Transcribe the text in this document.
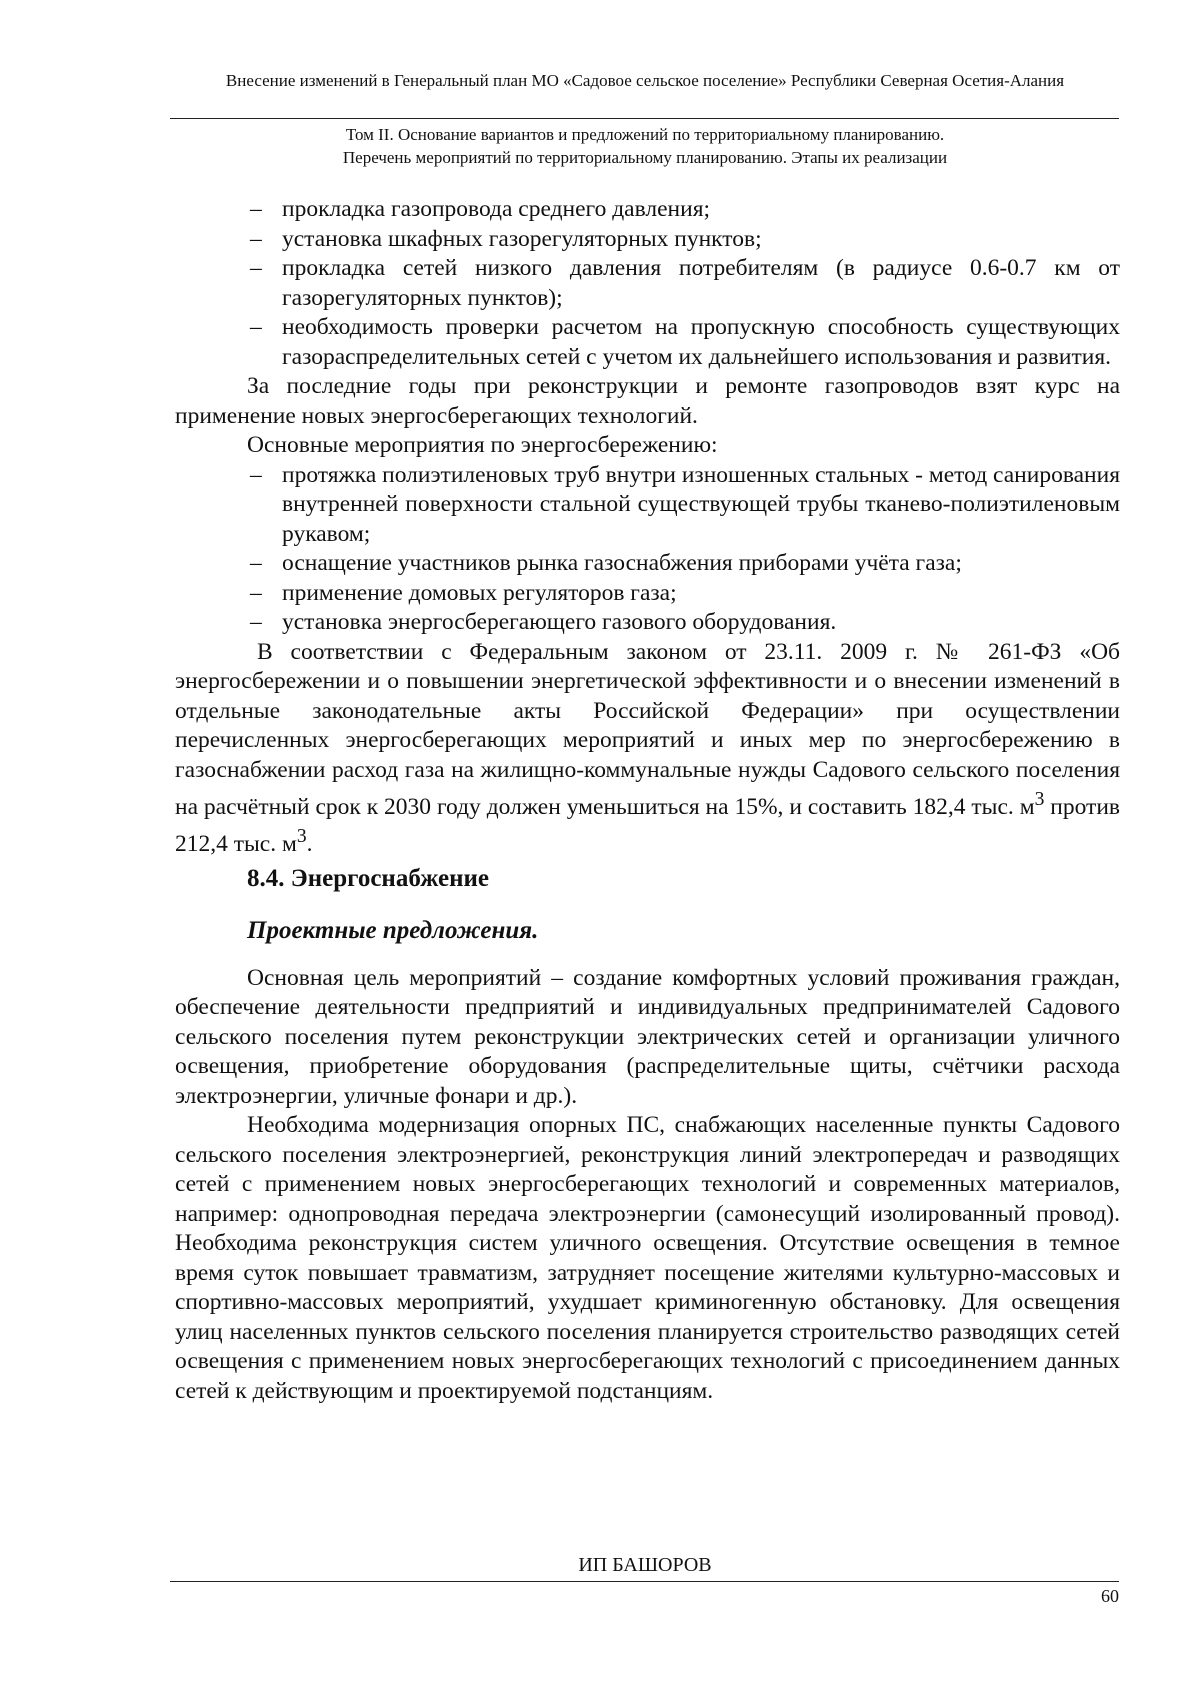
Внесение изменений в Генеральный план МО «Садовое сельское поселение» Республики Северная Осетия-Алания
Том II. Основание вариантов и предложений по территориальному планированию.
Перечень мероприятий по территориальному планированию. Этапы их реализации

– прокладка газопровода среднего давления;

– установка шкафных газорегуляторных пунктов;

– прокладка сетей низкого давления потребителям (в радиусе 0.6-0.7 км от газорегуляторных пунктов);

– необходимость проверки расчетом на пропускную способность существующих газораспределительных сетей с учетом их дальнейшего использования и развития.

За последние годы при реконструкции и ремонте газопроводов взят курс на применение новых энергосберегающих технологий.

Основные мероприятия по энергосбережению:

– протяжка полиэтиленовых труб внутри изношенных стальных - метод санирования внутренней поверхности стальной существующей трубы тканево-полиэтиленовым рукавом;

– оснащение участников рынка газоснабжения приборами учёта газа;

– применение домовых регуляторов газа;

– установка энергосберегающего газового оборудования.

В соответствии с Федеральным законом от 23.11. 2009 г. № 261-ФЗ «Об энергосбережении и о повышении энергетической эффективности и о внесении изменений в отдельные законодательные акты Российской Федерации» при осуществлении перечисленных энергосберегающих мероприятий и иных мер по энергосбережению в газоснабжении расход газа на жилищно-коммунальные нужды Садового сельского поселения на расчётный срок к 2030 году должен уменьшиться на 15%, и составить 182,4 тыс. $м^3$ против 212,4 тыс. $м^3$.

8.4. Энергоснабжение
Проектные предложения.

Основная цель мероприятий – создание комфортных условий проживания граждан, обеспечение деятельности предприятий и индивидуальных предпринимателей Садового сельского поселения путем реконструкции электрических сетей и организации уличного освещения, приобретение оборудования (распределительные щиты, счётчики расхода электроэнергии, уличные фонари и др.).

Необходима модернизация опорных ПС, снабжающих населенные пункты Садового сельского поселения электроэнергией, реконструкция линий электропередач и разводящих сетей с применением новых энергосберегающих технологий и современных материалов, например: однопроводная передача электроэнергии (самонесущий изолированный провод). Необходима реконструкция систем уличного освещения. Отсутствие освещения в темное время суток повышает травматизм, затрудняет посещение жителями культурно-массовых и спортивно-массовых мероприятий, ухудшает криминогенную обстановку. Для освещения улиц населенных пунктов сельского поселения планируется строительство разводящих сетей освещения с применением новых энергосберегающих технологий с присоединением данных сетей к действующим и проектируемой подстанциям.

ИП БАШОРОВ
60
